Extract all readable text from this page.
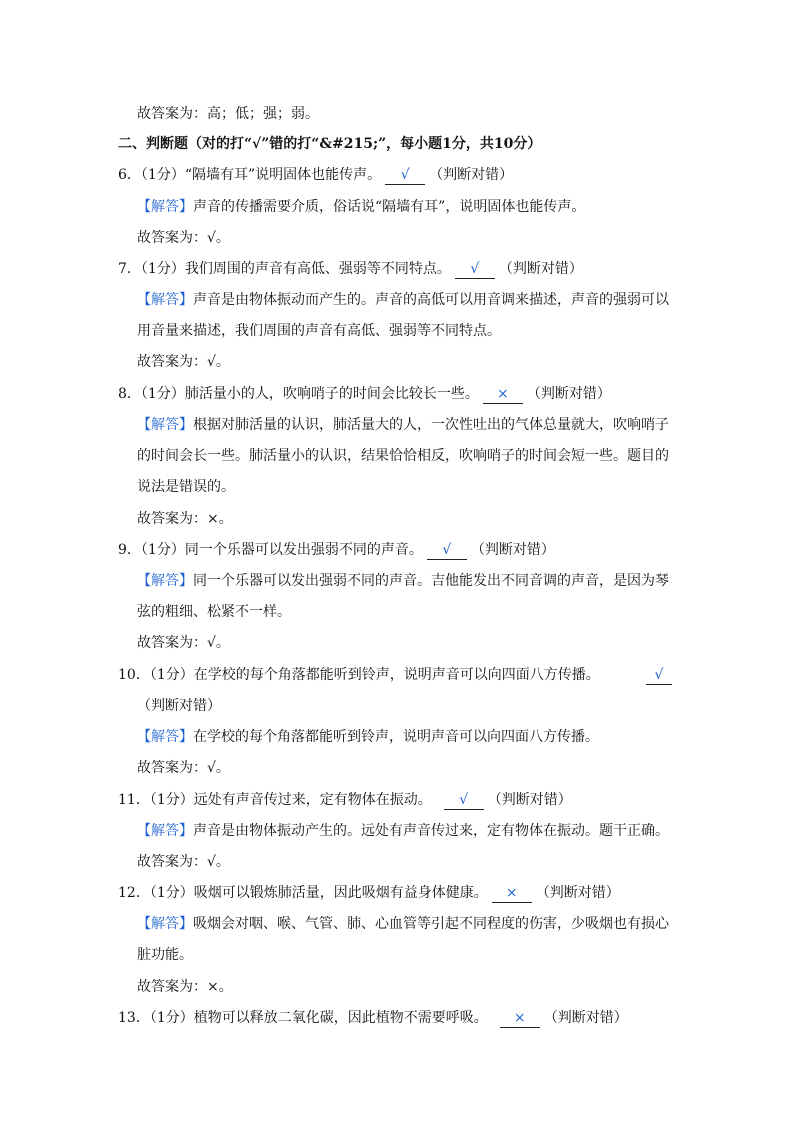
故答案为：高；低；强；弱。
二、判断题（对的打“√”错的打“&#215;”，每小题1分，共10分）
6．（1分）“隔墙有耳”说明固体也能传声。 √ （判断对错）
【解答】声音的传播需要介质，俗话说“隔墙有耳”，说明固体也能传声。
故答案为：√。
7．（1分）我们周围的声音有高低、强弱等不同特点。 √ （判断对错）
【解答】声音是由物体振动而产生的。声音的高低可以用音调来描述，声音的强弱可以
用音量来描述，我们周围的声音有高低、强弱等不同特点。
故答案为：√。
8．（1分）肺活量小的人，吹响哨子的时间会比较长一些。 × （判断对错）
【解答】根据对肺活量的认识，肺活量大的人，一次性吐出的气体总量就大，吹响哨子
的时间会长一些。肺活量小的认识，结果恰恰相反，吹响哨子的时间会短一些。题目的
说法是错误的。
故答案为：×。
9．（1分）同一个乐器可以发出强弱不同的声音。 √ （判断对错）
【解答】同一个乐器可以发出强弱不同的声音。吉他能发出不同音调的声音，是因为琴
弦的粗细、松紧不一样。
故答案为：√。
10．（1分）在学校的每个角落都能听到铃声，说明声音可以向四面八方传播。	√
（判断对错）
【解答】在学校的每个角落都能听到铃声，说明声音可以向四面八方传播。
故答案为：√。
11．（1分）远处有声音传过来，定有物体在振动。 √ （判断对错）
【解答】声音是由物体振动产生的。远处有声音传过来，定有物体在振动。题干正确。
故答案为：√。
12．（1分）吸烟可以锻炼肺活量，因此吸烟有益身体健康。 × （判断对错）
【解答】吸烟会对咽、喉、气管、肺、心血管等引起不同程度的伤害，少吸烟也有损心
脏功能。
故答案为：×。
13．（1分）植物可以释放二氧化碳，因此植物不需要呼吸。 × （判断对错）
